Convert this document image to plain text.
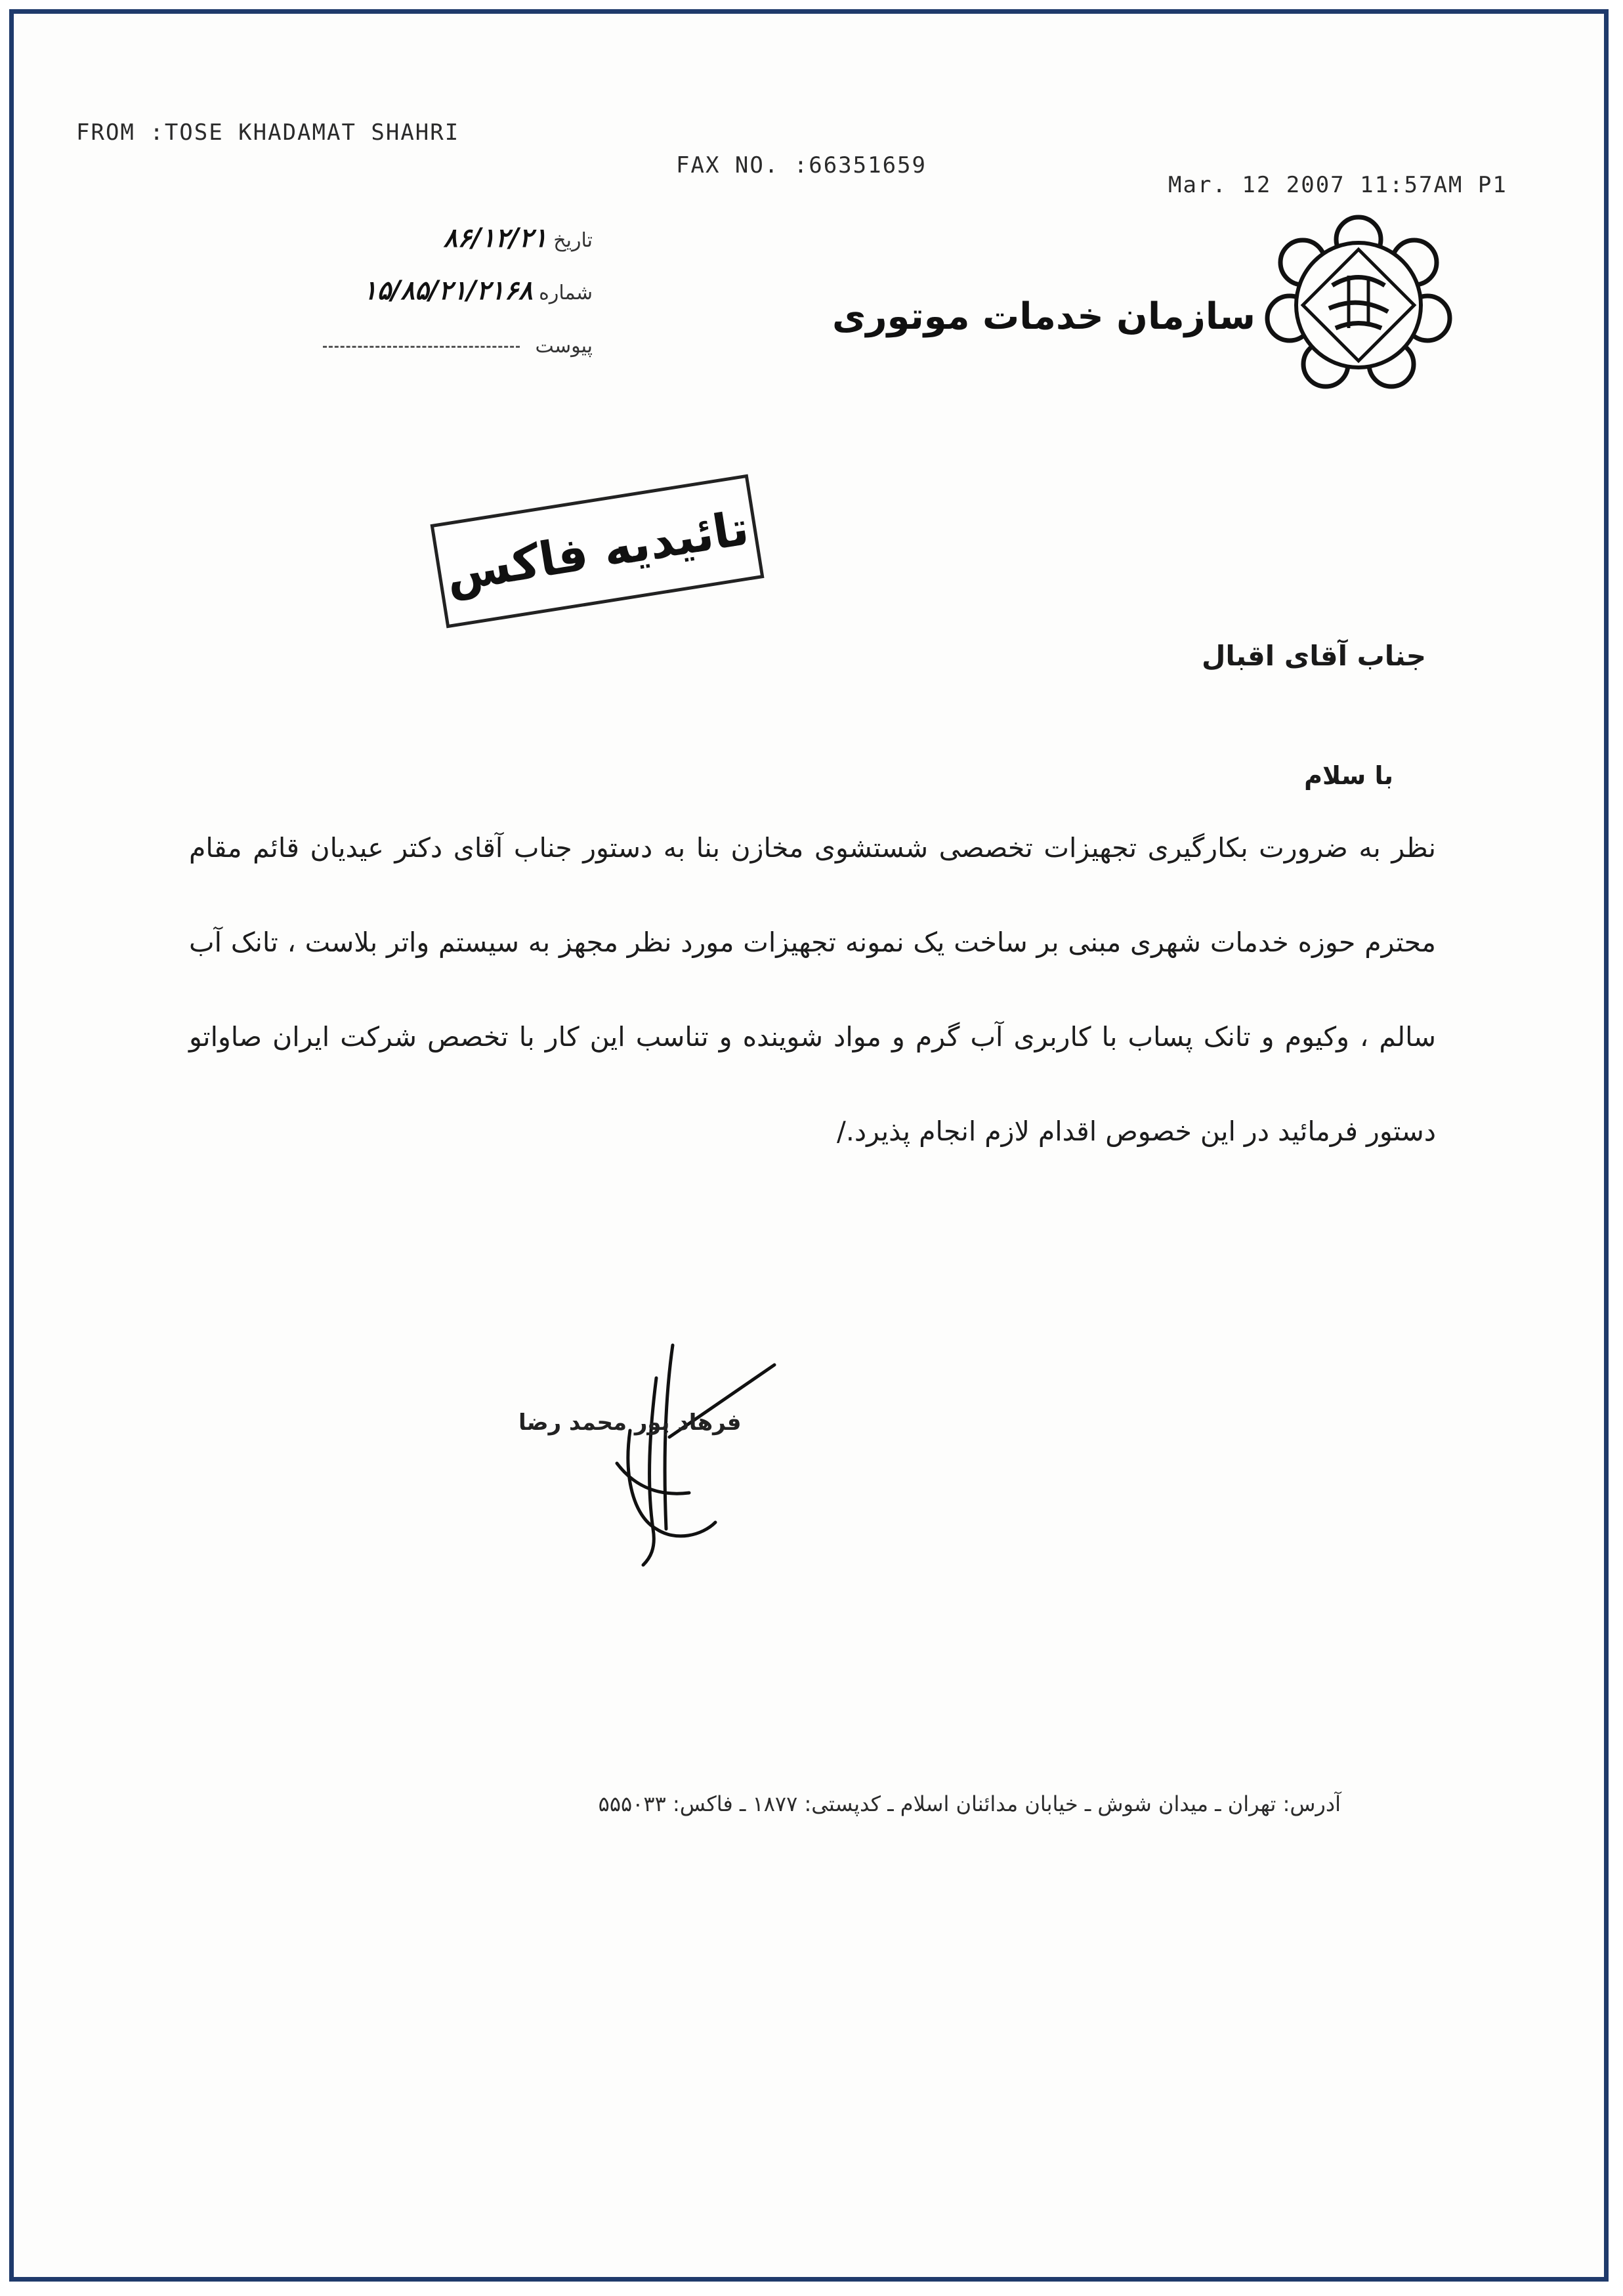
FROM :TOSE KHADAMAT SHAHRI
FAX NO. :66351659
Mar. 12 2007 11:57AM P1
تاریخ ۸۶/۱۲/۲۱
شماره ۱۵/۸۵/۲۱/۲۱۶۸
پیوست
سازمان خدمات موتوری
تائیدیه فاکس
جناب آقای اقبال
با سلام
نظر به ضرورت بکارگیری تجهیزات تخصصی شستشوی مخازن بنا به دستور جناب آقای دکتر عیدیان قائم مقام محترم حوزه خدمات شهری مبنی بر ساخت یک نمونه تجهیزات مورد نظر مجهز به سیستم واتر بلاست ، تانک آب سالم ، وکیوم و تانک پساب با کاربری آب گرم و مواد شوینده و تناسب این کار با تخصص شرکت ایران صاواتو دستور فرمائید در این خصوص اقدام لازم انجام پذیرد./
فرهاد پور محمد رضا
آدرس: تهران ـ میدان شوش ـ خیابان مدائنان اسلام ـ کدپستی: ۱۸۷۷ ـ فاکس: ۵۵۵۰۳۳
